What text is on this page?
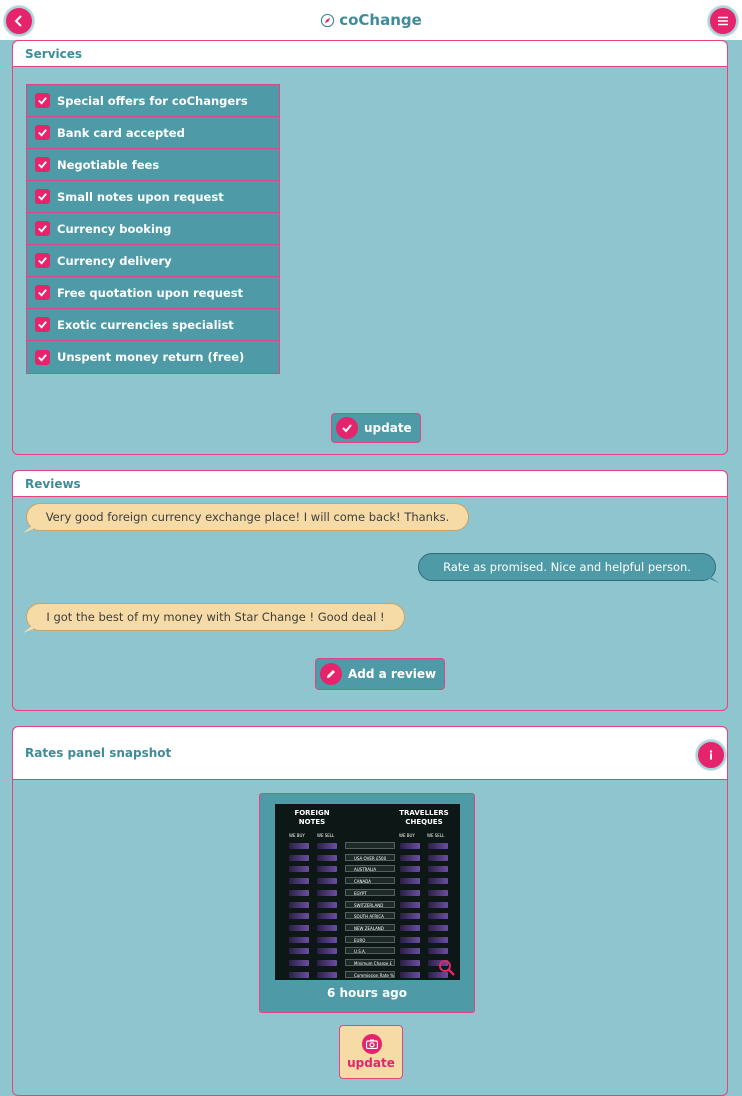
coChange
Services
Special offers for coChangers
Bank card accepted
Negotiable fees
Small notes upon request
Currency booking
Currency delivery
Free quotation upon request
Exotic currencies specialist
Unspent money return (free)
update
Reviews
Very good foreign currency exchange place! I will come back! Thanks.
Rate as promised. Nice and helpful person.
I got the best of my money with Star Change ! Good deal !
Add a review
Rates panel snapshot
FOREIGN
NOTES
TRAVELLERS
CHEQUES
WE BUY	WE SELL	WE BUY	WE SELL
USA OVER £500
AUSTRALIA
CANADA
EGYPT
SWITZERLAND
SOUTH AFRICA
NEW ZEALAND
EURO
U.S.A.
Minimum Charge £
Commission Rate %
6 hours ago
update
